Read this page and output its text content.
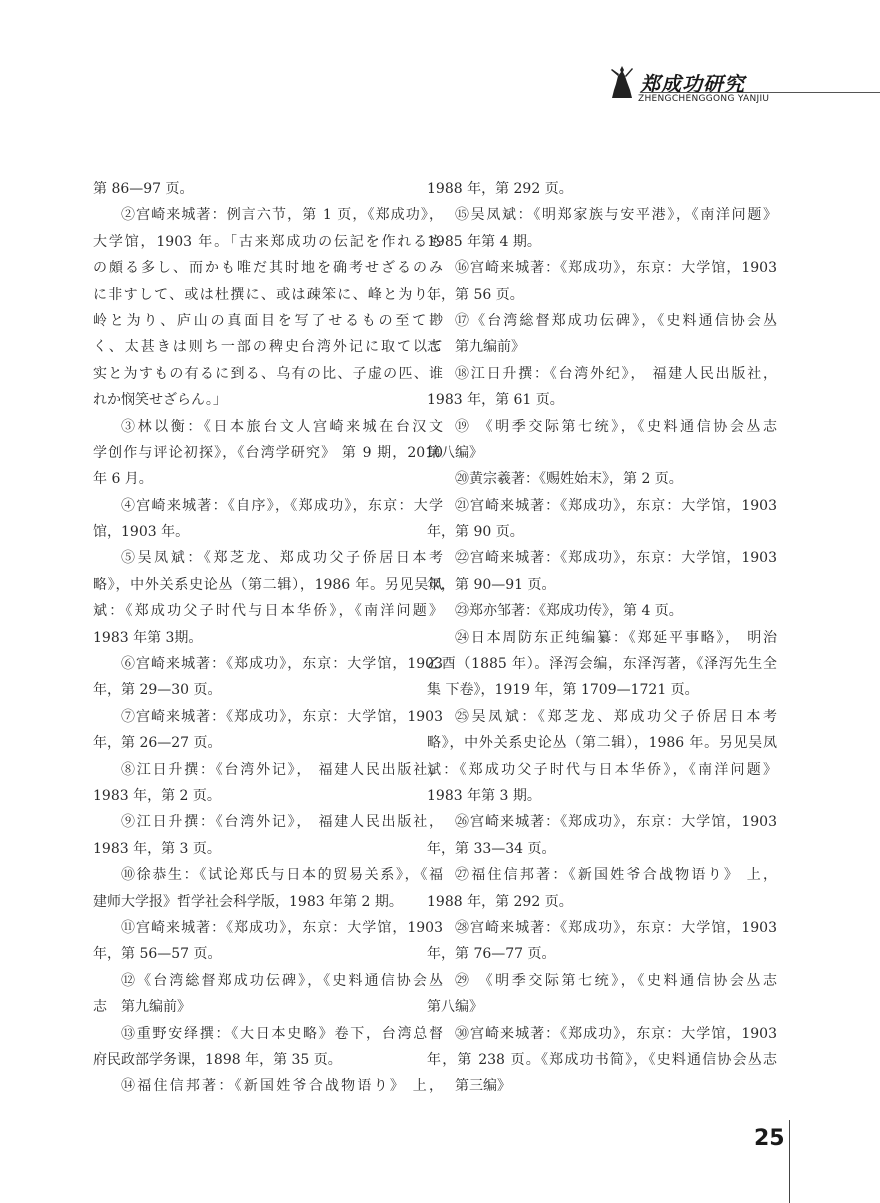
郑成功研究
ZHENGCHENGGONG YANJIU
第 86—97 页。
②宫崎来城著：例言六节，第 1 页，《郑成功》，
大学馆，1903 年。「古来郑成功の伝記を作れるも
の頗る多し、而かも唯だ其时地を确考せざるのみ
に非すして、或は杜撰に、或は疎笨に、峰と为り、
岭と为り、庐山の真面目を写了せるもの至て尠
く、太甚きは则ち一部の稗史台湾外记に取て以て
实と为すもの有るに到る、乌有の比、子虚の匹、谁
れか悯笑せざらん。」
③林以衡：《日本旅台文人宫崎来城在台汉文
学创作与评论初探》，《台湾学研究》 第 9 期，2010
年 6 月。
④宫崎来城著：《自序》，《郑成功》，东京：大学
馆，1903 年。
⑤吴凤斌：《郑芝龙、郑成功父子侨居日本考
略》，中外关系史论丛（第二辑），1986 年。另见吴凤
斌：《郑成功父子时代与日本华侨》，《南洋问题》
1983 年第 3期。
⑥宫崎来城著：《郑成功》，东京：大学馆，1903
年，第 29—30 页。
⑦宫崎来城著：《郑成功》，东京：大学馆，1903
年，第 26—27 页。
⑧江日升撰：《台湾外记》， 福建人民出版社，
1983 年，第 2 页。
⑨江日升撰：《台湾外记》， 福建人民出版社，
1983 年，第 3 页。
⑩徐恭生：《试论郑氏与日本的贸易关系》，《福
建师大学报》哲学社会科学版，1983 年第 2 期。
⑪宫崎来城著：《郑成功》，东京：大学馆，1903
年，第 56—57 页。
⑫《台湾総督郑成功伝碑》，《史料通信协会丛
志　第九编前》
⑬重野安绎撰：《大日本史略》卷下，台湾总督
府民政部学务课，1898 年，第 35 页。
⑭福住信邦著：《新国姓爷合战物语り》 上，
1988 年，第 292 页。
⑮吴凤斌：《明郑家族与安平港》，《南洋问题》
1985 年第 4 期。
⑯宫崎来城著：《郑成功》，东京：大学馆，1903
年，第 56 页。
⑰《台湾総督郑成功伝碑》，《史料通信协会丛
志　第九编前》
⑱江日升撰：《台湾外纪》， 福建人民出版社，
1983 年，第 61 页。
⑲ 《明季交际第七统》，《史料通信协会丛志
第八编》
⑳黄宗羲著：《赐姓始末》，第 2 页。
㉑宫崎来城著：《郑成功》，东京：大学馆，1903
年，第 90 页。
㉒宫崎来城著：《郑成功》，东京：大学馆，1903
年，第 90—91 页。
㉓郑亦邹著：《郑成功传》，第 4 页。
㉔日本周防东正纯编纂：《郑延平事略》， 明治
乙酉（1885 年）。泽泻会编，东泽泻著，《泽泻先生全
集 下卷》，1919 年，第 1709—1721 页。
㉕吴凤斌：《郑芝龙、郑成功父子侨居日本考
略》，中外关系史论丛（第二辑），1986 年。另见吴凤
斌：《郑成功父子时代与日本华侨》，《南洋问题》
1983 年第 3 期。
㉖宫崎来城著：《郑成功》，东京：大学馆，1903
年，第 33—34 页。
㉗福住信邦著：《新国姓爷合战物语り》 上，
1988 年，第 292 页。
㉘宫崎来城著：《郑成功》，东京：大学馆，1903
年，第 76—77 页。
㉙ 《明季交际第七统》，《史料通信协会丛志
第八编》
㉚宫崎来城著：《郑成功》，东京：大学馆，1903
年，第 238 页。《郑成功书简》，《史料通信协会丛志
第三编》
25
